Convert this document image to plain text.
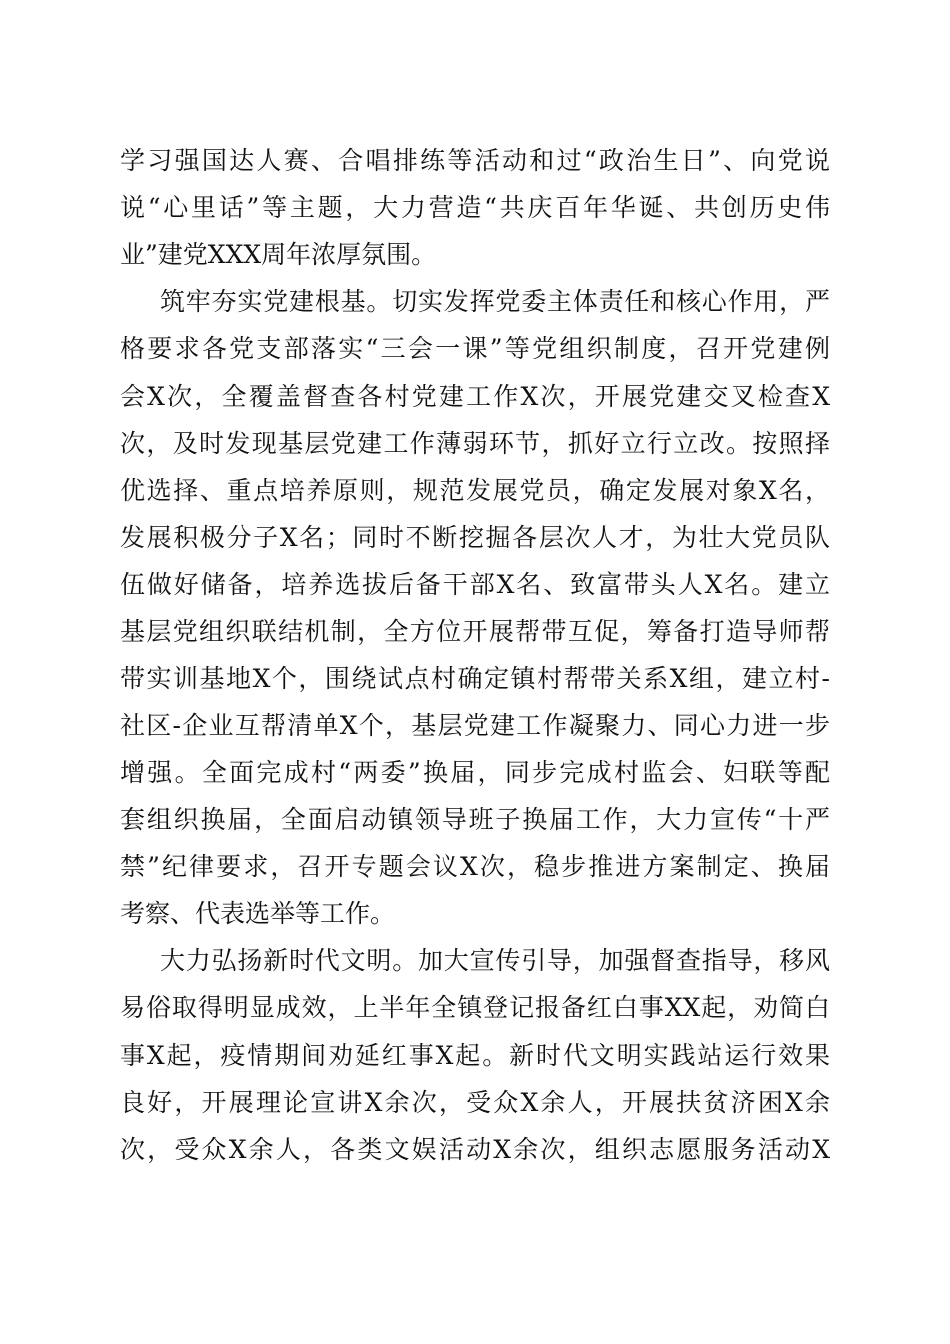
学习强国达人赛、合唱排练等活动和过“政治生日”、向党说
说“心里话”等主题，大力营造“共庆百年华诞、共创历史伟
业”建党XXX周年浓厚氛围。
筑牢夯实党建根基。切实发挥党委主体责任和核心作用，严
格要求各党支部落实“三会一课”等党组织制度，召开党建例
会X次，全覆盖督查各村党建工作X次，开展党建交叉检查X
次，及时发现基层党建工作薄弱环节，抓好立行立改。按照择
优选择、重点培养原则，规范发展党员，确定发展对象X名，
发展积极分子X名；同时不断挖掘各层次人才，为壮大党员队
伍做好储备，培养选拔后备干部X名、致富带头人X名。建立
基层党组织联结机制，全方位开展帮带互促，筹备打造导师帮
带实训基地X个，围绕试点村确定镇村帮带关系X组，建立村-
社区-企业互帮清单X个，基层党建工作凝聚力、同心力进一步
增强。全面完成村“两委”换届，同步完成村监会、妇联等配
套组织换届，全面启动镇领导班子换届工作，大力宣传“十严
禁”纪律要求，召开专题会议X次，稳步推进方案制定、换届
考察、代表选举等工作。
大力弘扬新时代文明。加大宣传引导，加强督查指导，移风
易俗取得明显成效，上半年全镇登记报备红白事XX起，劝简白
事X起，疫情期间劝延红事X起。新时代文明实践站运行效果
良好，开展理论宣讲X余次，受众X余人，开展扶贫济困X余
次，受众X余人，各类文娱活动X余次，组织志愿服务活动X
